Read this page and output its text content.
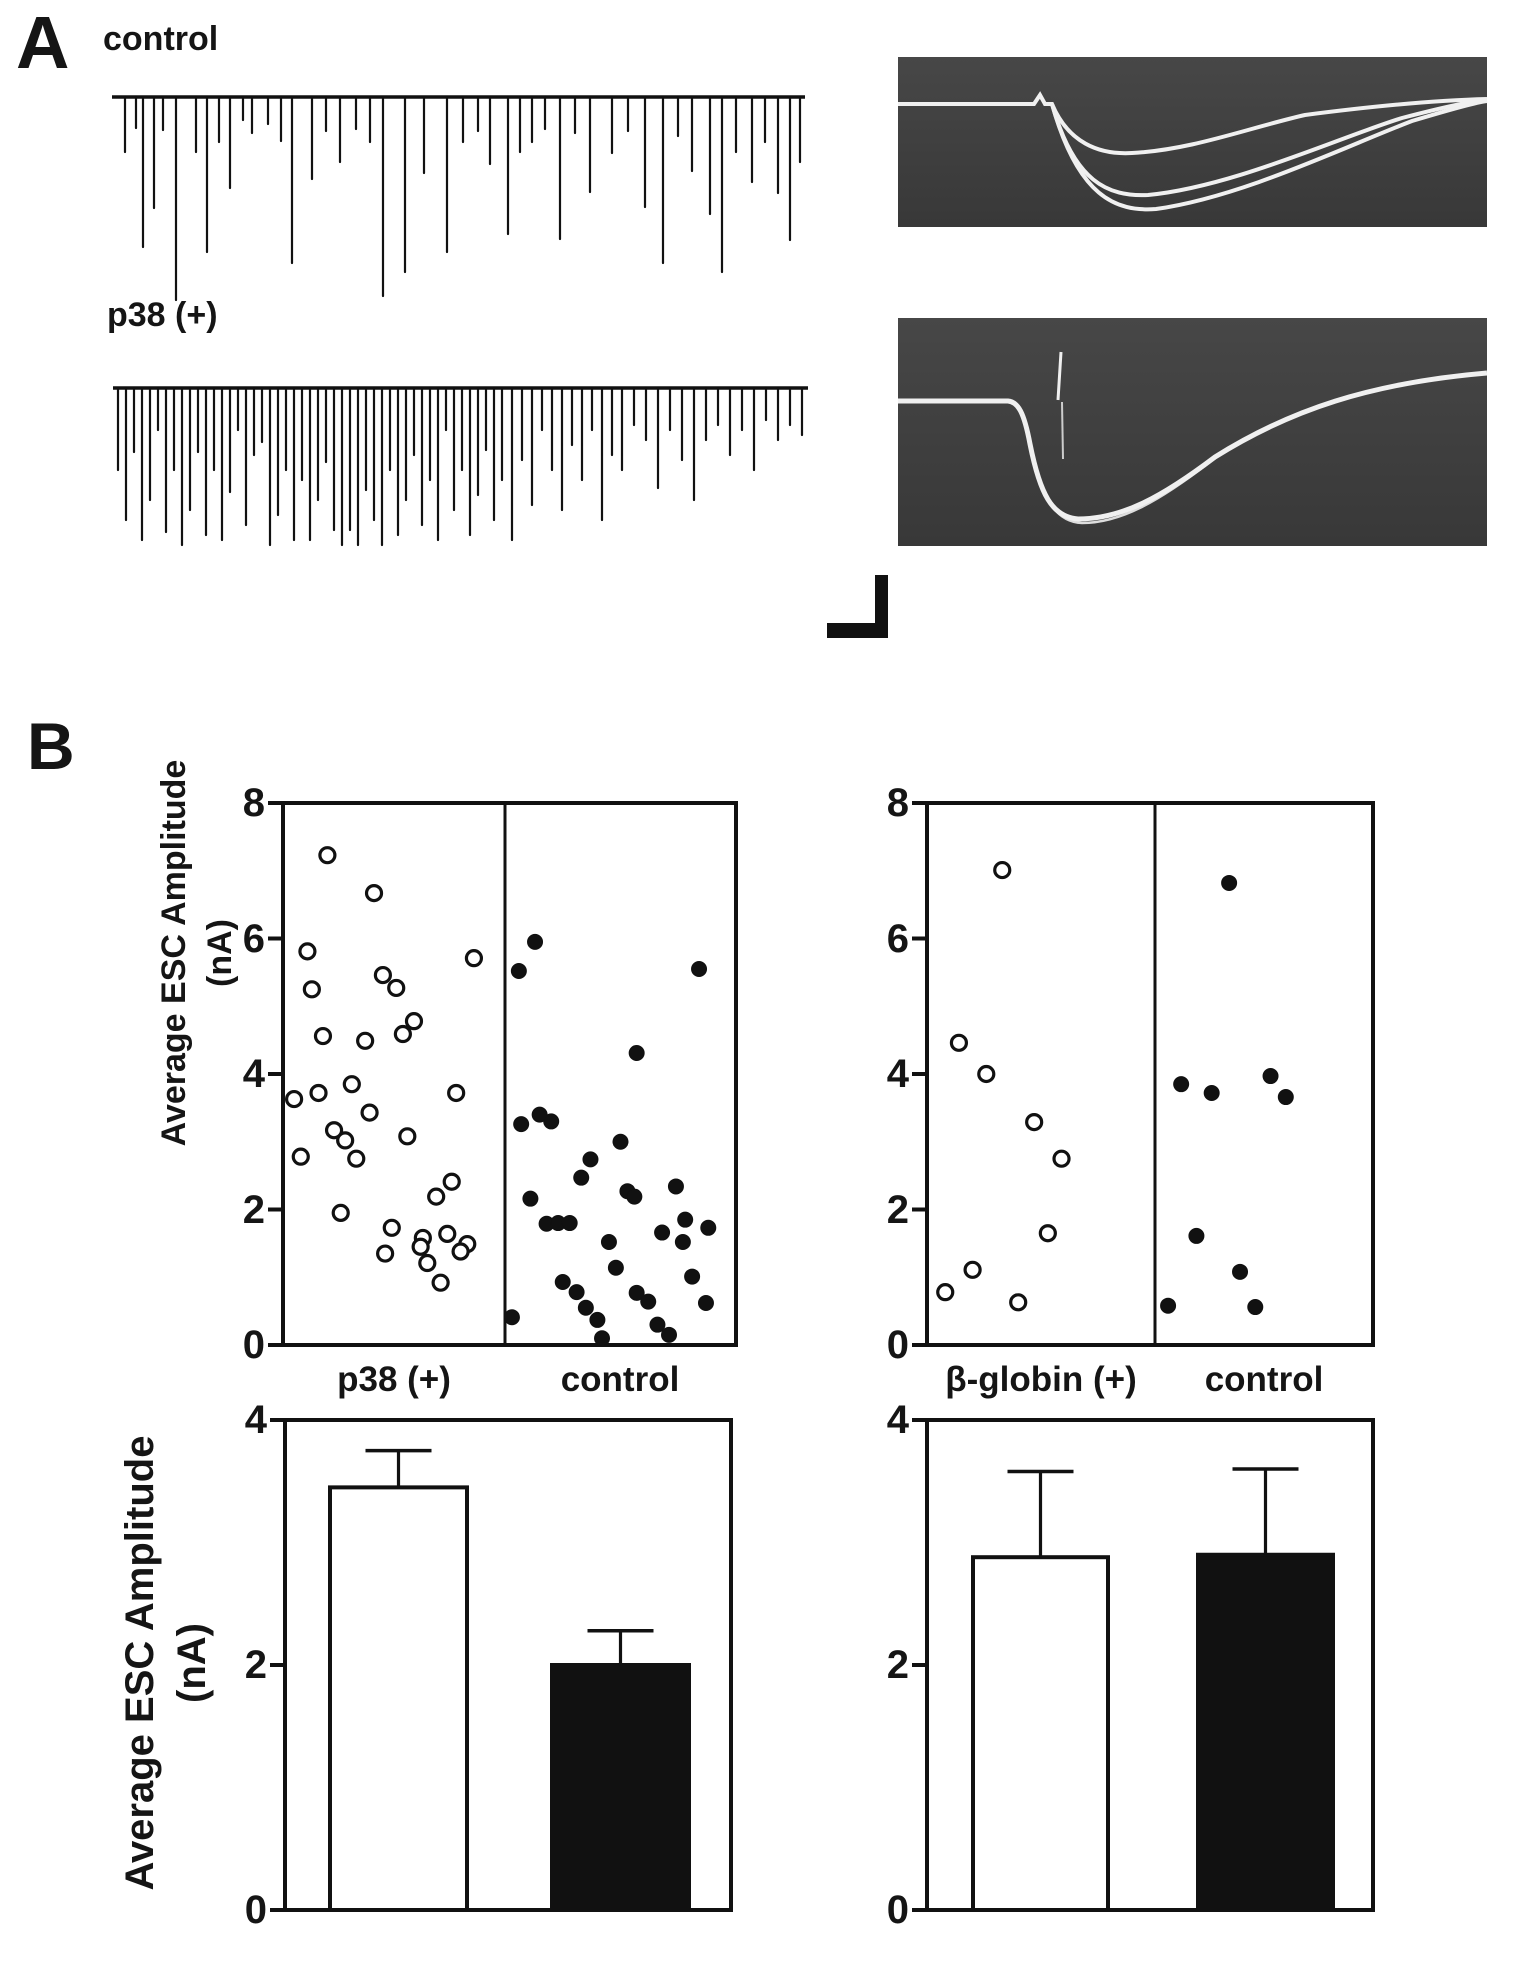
A control
p38 (+)
B
Average ESC Amplitude (nA)
Average ESC Amplitude (nA)
p38 (+)	control	β-globin (+) control
0
2
4
6
8
0
2
4
6
8
0
2
4
0
2
4
